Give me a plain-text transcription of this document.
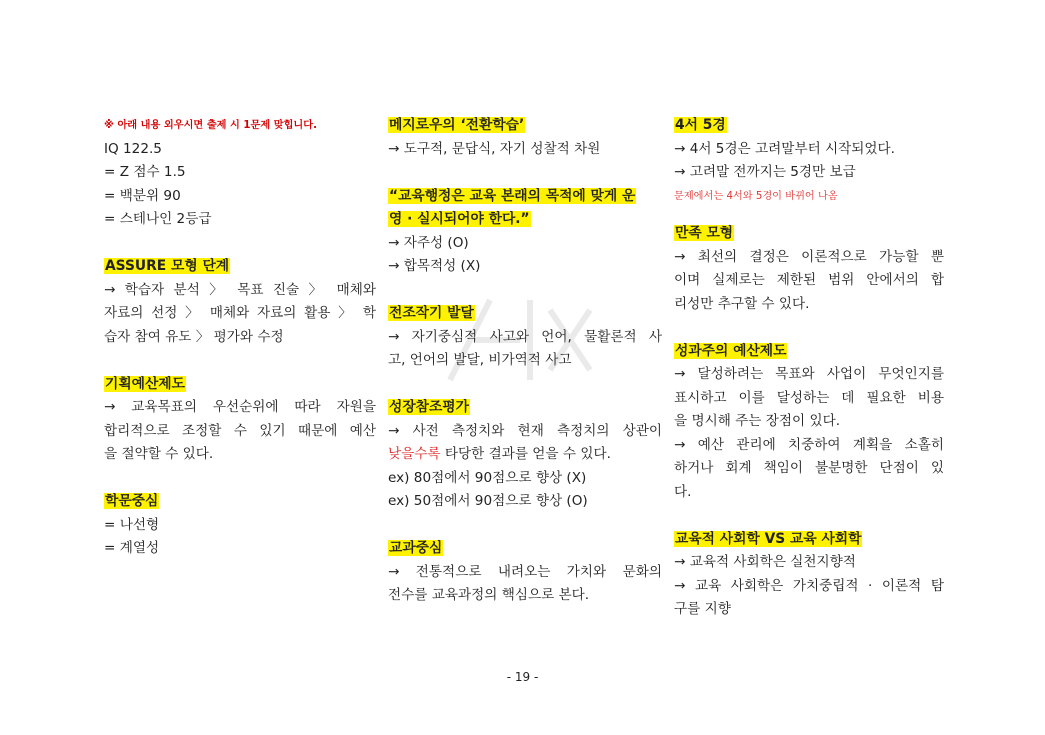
※ 아래 내용 외우시면 출제 시 1문제 맞힙니다.
IQ 122.5
= Z 점수 1.5
= 백분위 90
= 스테나인 2등급
ASSURE 모형 단계
→ 학습자 분석 〉 목표 진술 〉 매체와
자료의 선정 〉 매체와 자료의 활용 〉 학
습자 참여 유도 〉 평가와 수정
기획예산제도
→ 교육목표의 우선순위에 따라 자원을
합리적으로 조정할 수 있기 때문에 예산
을 절약할 수 있다.
학문중심
= 나선형
= 계열성
메지로우의 ‘전환학습’
→ 도구적, 문답식, 자기 성찰적 차원
“교육행정은 교육 본래의 목적에 맞게 운
영 · 실시되어야 한다.”
→ 자주성 (O)
→ 합목적성 (X)
전조작기 발달
→ 자기중심적 사고와 언어, 물활론적 사
고, 언어의 발달, 비가역적 사고
성장참조평가
→ 사전 측정치와 현재 측정치의 상관이
낮을수록 타당한 결과를 얻을 수 있다.
ex) 80점에서 90점으로 향상 (X)
ex) 50점에서 90점으로 향상 (O)
교과중심
→ 전통적으로 내려오는 가치와 문화의
전수를 교육과정의 핵심으로 본다.
4서 5경
→ 4서 5경은 고려말부터 시작되었다.
→ 고려말 전까지는 5경만 보급
문제에서는 4서와 5경이 바뀌어 나옴
만족 모형
→ 최선의 결정은 이론적으로 가능할 뿐
이며 실제로는 제한된 범위 안에서의 합
리성만 추구할 수 있다.
성과주의 예산제도
→ 달성하려는 목표와 사업이 무엇인지를
표시하고 이를 달성하는 데 필요한 비용
을 명시해 주는 장점이 있다.
→ 예산 관리에 치중하여 계획을 소홀히
하거나 회계 책임이 불분명한 단점이 있
다.
교육적 사회학 VS 교육 사회학
→ 교육적 사회학은 실천지향적
→ 교육 사회학은 가치중립적 · 이론적 탐
구를 지향
- 19 -
